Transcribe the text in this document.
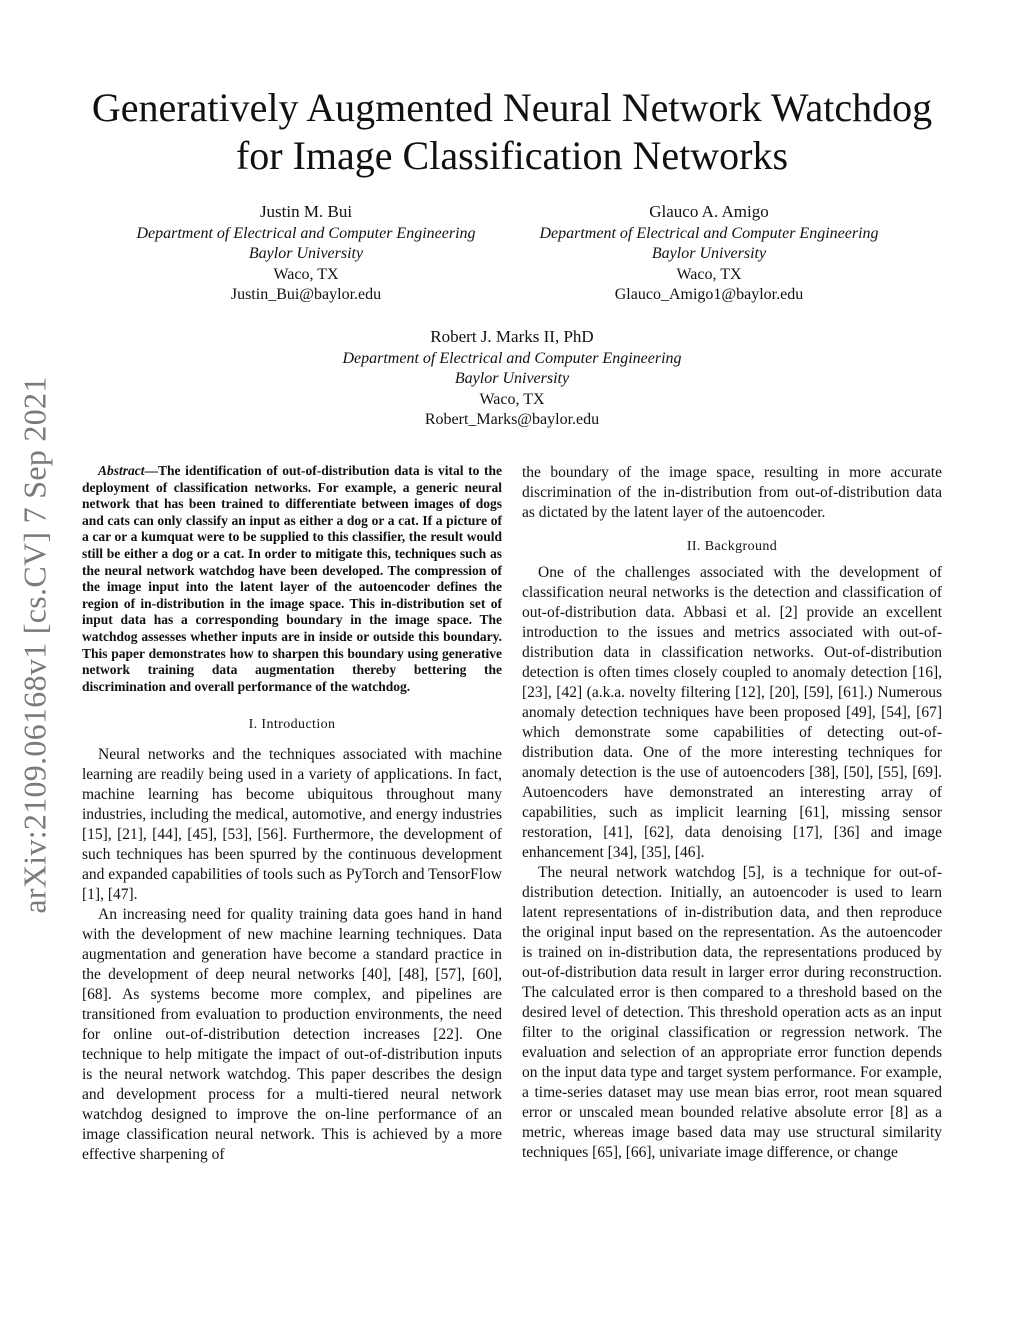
arXiv:2109.06168v1 [cs.CV] 7 Sep 2021
Generatively Augmented Neural Network Watchdog
for Image Classification Networks
Justin M. Bui
Department of Electrical and Computer Engineering
Baylor University
Waco, TX
Justin_Bui@baylor.edu
Glauco A. Amigo
Department of Electrical and Computer Engineering
Baylor University
Waco, TX
Glauco_Amigo1@baylor.edu
Robert J. Marks II, PhD
Department of Electrical and Computer Engineering
Baylor University
Waco, TX
Robert_Marks@baylor.edu

Abstract—The identification of out-of-distribution data is vital to the deployment of classification networks. For example, a generic neural network that has been trained to differentiate between images of dogs and cats can only classify an input as either a dog or a cat. If a picture of a car or a kumquat were to be supplied to this classifier, the result would still be either a dog or a cat. In order to mitigate this, techniques such as the neural network watchdog have been developed. The compression of the image input into the latent layer of the autoencoder defines the region of in-distribution in the image space. This in-distribution set of input data has a corresponding boundary in the image space. The watchdog assesses whether inputs are in inside or outside this boundary. This paper demonstrates how to sharpen this boundary using generative network training data augmentation thereby bettering the discrimination and overall performance of the watchdog.

I. Introduction

Neural networks and the techniques associated with machine learning are readily being used in a variety of applications. In fact, machine learning has become ubiquitous throughout many industries, including the medical, automotive, and energy industries [15], [21], [44], [45], [53], [56]. Furthermore, the development of such techniques has been spurred by the continuous development and expanded capabilities of tools such as PyTorch and TensorFlow [1], [47].

An increasing need for quality training data goes hand in hand with the development of new machine learning techniques. Data augmentation and generation have become a standard practice in the development of deep neural networks [40], [48], [57], [60], [68]. As systems become more complex, and pipelines are transitioned from evaluation to production environments, the need for online out-of-distribution detection increases [22]. One technique to help mitigate the impact of out-of-distribution inputs is the neural network watchdog. This paper describes the design and development process for a multi-tiered neural network watchdog designed to improve the on-line performance of an image classification neural network. This is achieved by a more effective sharpening of

the boundary of the image space, resulting in more accurate discrimination of the in-distribution from out-of-distribution data as dictated by the latent layer of the autoencoder.

II. Background

One of the challenges associated with the development of classification neural networks is the detection and classification of out-of-distribution data. Abbasi et al. [2] provide an excellent introduction to the issues and metrics associated with out-of-distribution data in classification networks. Out-of-distribution detection is often times closely coupled to anomaly detection [16], [23], [42] (a.k.a. novelty filtering [12], [20], [59], [61].) Numerous anomaly detection techniques have been proposed [49], [54], [67] which demonstrate some capabilities of detecting out-of-distribution data. One of the more interesting techniques for anomaly detection is the use of autoencoders [38], [50], [55], [69]. Autoencoders have demonstrated an interesting array of capabilities, such as implicit learning [61], missing sensor restoration, [41], [62], data denoising [17], [36] and image enhancement [34], [35], [46].

The neural network watchdog [5], is a technique for out-of-distribution detection. Initially, an autoencoder is used to learn latent representations of in-distribution data, and then reproduce the original input based on the representation. As the autoencoder is trained on in-distribution data, the representations produced by out-of-distribution data result in larger error during reconstruction. The calculated error is then compared to a threshold based on the desired level of detection. This threshold operation acts as an input filter to the original classification or regression network. The evaluation and selection of an appropriate error function depends on the input data type and target system performance. For example, a time-series dataset may use mean bias error, root mean squared error or unscaled mean bounded relative absolute error [8] as a metric, whereas image based data may use structural similarity techniques [65], [66], univariate image difference, or change
